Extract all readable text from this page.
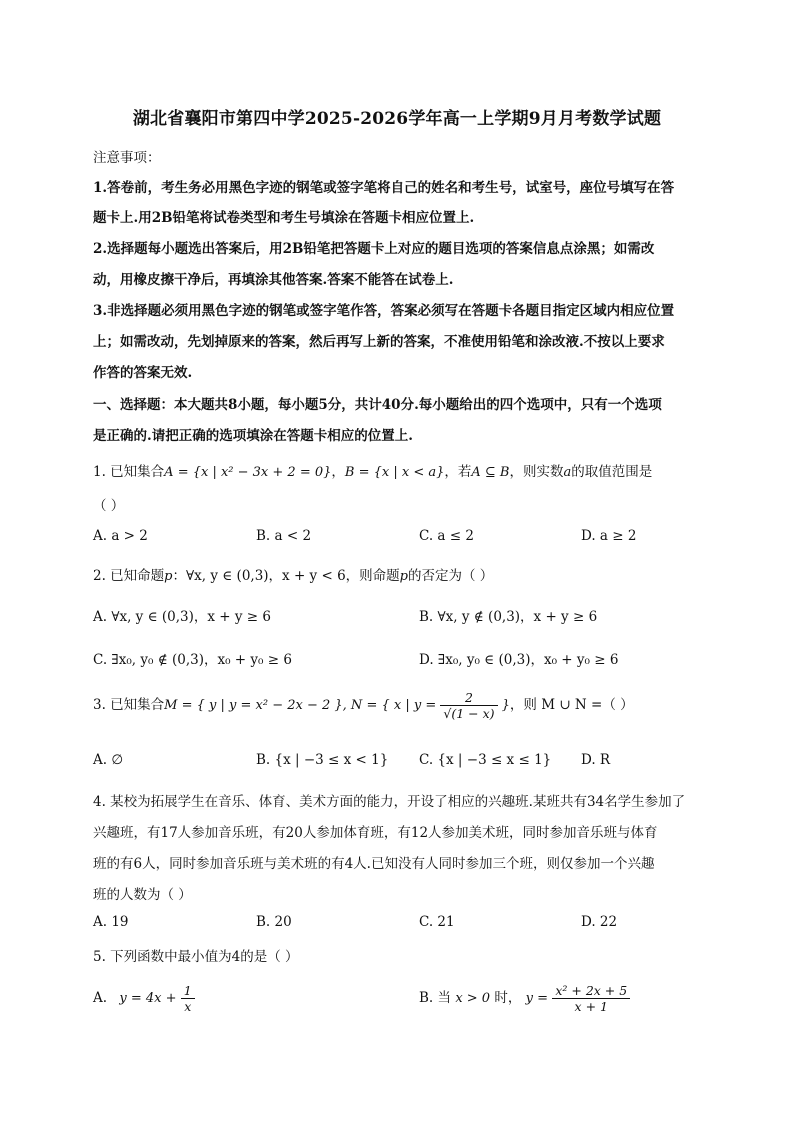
湖北省襄阳市第四中学2025-2026学年高一上学期9月月考数学试题
注意事项：
1.答卷前，考生务必用黑色字迹的钢笔或签字笔将自己的姓名和考生号，试室号，座位号填写在答
题卡上.用2B铅笔将试卷类型和考生号填涂在答题卡相应位置上.
2.选择题每小题选出答案后，用2B铅笔把答题卡上对应的题目选项的答案信息点涂黑；如需改
动，用橡皮擦干净后，再填涂其他答案.答案不能答在试卷上.
3.非选择题必须用黑色字迹的钢笔或签字笔作答，答案必须写在答题卡各题目指定区域内相应位置
上；如需改动，先划掉原来的答案，然后再写上新的答案，不准使用铅笔和涂改液.不按以上要求
作答的答案无效.
一、选择题：本大题共8小题，每小题5分，共计40分.每小题给出的四个选项中，只有一个选项
是正确的.请把正确的选项填涂在答题卡相应的位置上.
1. 已知集合A = {x | x² − 3x + 2 = 0}，B = {x | x < a}，若A ⊆ B，则实数a的取值范围是
（ ）
A. a > 2	B. a < 2	C. a ≤ 2	D. a ≥ 2
2. 已知命题p：∀x, y ∈ (0,3)，x + y < 6，则命题p的否定为（ ）
A. ∀x, y ∈ (0,3)，x + y ≥ 6	B. ∀x, y ∉ (0,3)，x + y ≥ 6
C. ∃x₀, y₀ ∉ (0,3)，x₀ + y₀ ≥ 6	D. ∃x₀, y₀ ∈ (0,3)，x₀ + y₀ ≥ 6
3. 已知集合M = { y | y = x² − 2x − 2 }, N = { x | $y = \frac{2}{√(1 - x)}$ }，则 M ∪ N =（ ）
A. ∅	B. {x | −3 ≤ x < 1} C. {x | −3 ≤ x ≤ 1} D. R
4. 某校为拓展学生在音乐、体育、美术方面的能力，开设了相应的兴趣班.某班共有34名学生参加了
兴趣班，有17人参加音乐班，有20人参加体育班，有12人参加美术班，同时参加音乐班与体育
班的有6人，同时参加音乐班与美术班的有4人.已知没有人同时参加三个班，则仅参加一个兴趣
班的人数为（ ）
A. 19	B. 20	C. 21	D. 22
5. 下列函数中最小值为4的是（ ）
A. $y = 4x + \frac{1}{x}$	B. 当 x > 0 时， $y = \frac{\text{x² + 2x + 5}}{x + 1}$
